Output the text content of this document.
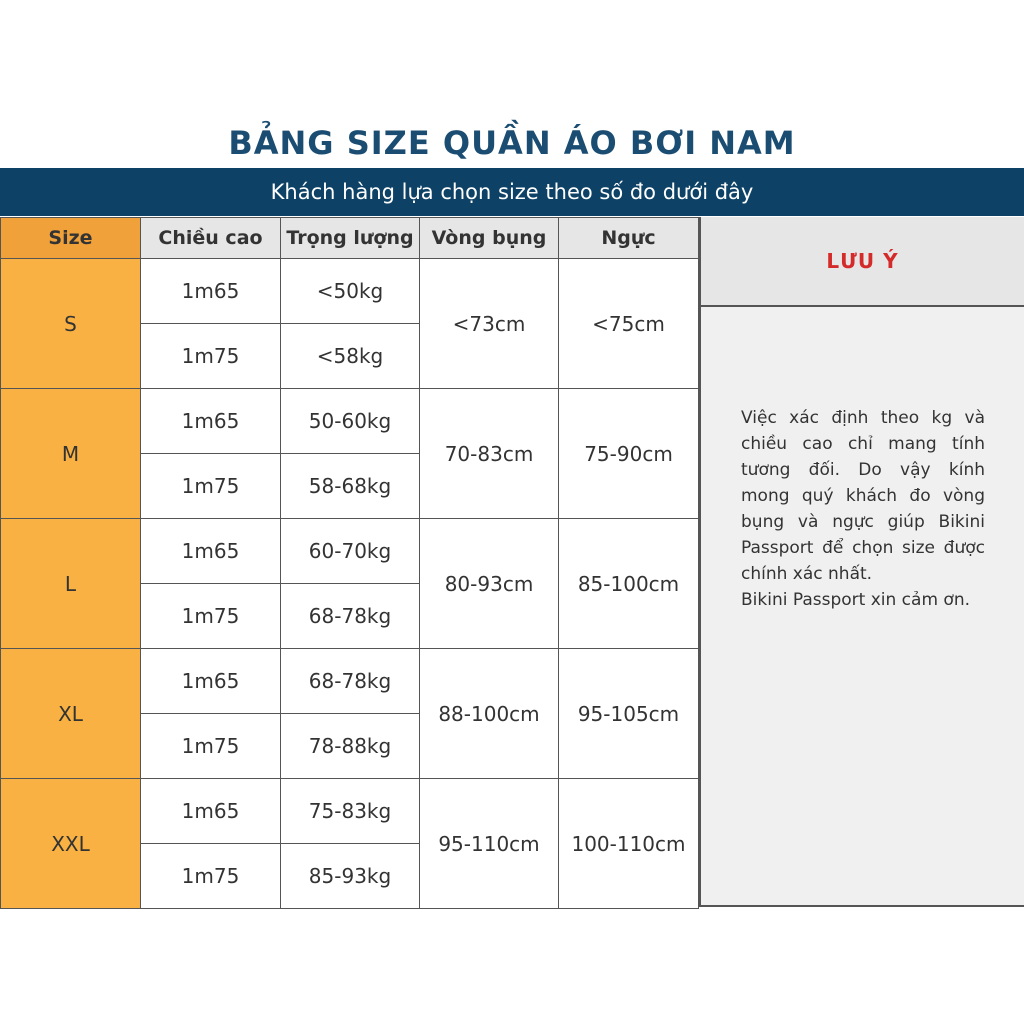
BẢNG SIZE QUẦN ÁO BƠI NAM
Khách hàng lựa chọn size theo số đo dưới đây
Size	Chiều cao	Trọng lượng	Vòng bụng	Ngực
S	1m65	<50kg	<73cm	<75cm
	1m75	<58kg		
M	1m65	50-60kg	70-83cm	75-90cm
	1m75	58-68kg		
L	1m65	60-70kg	80-93cm	85-100cm
	1m75	68-78kg		
XL	1m65	68-78kg	88-100cm	95-105cm
	1m75	78-88kg		
XXL	1m65	75-83kg	95-110cm	100-110cm
	1m75	85-93kg		
LƯU Ý

Việc xác định theo kg và chiều cao chỉ mang tính tương đối. Do vậy kính mong quý khách đo vòng bụng và ngực giúp Bikini Passport để chọn size được chính xác nhất.

Bikini Passport xin cảm ơn.
